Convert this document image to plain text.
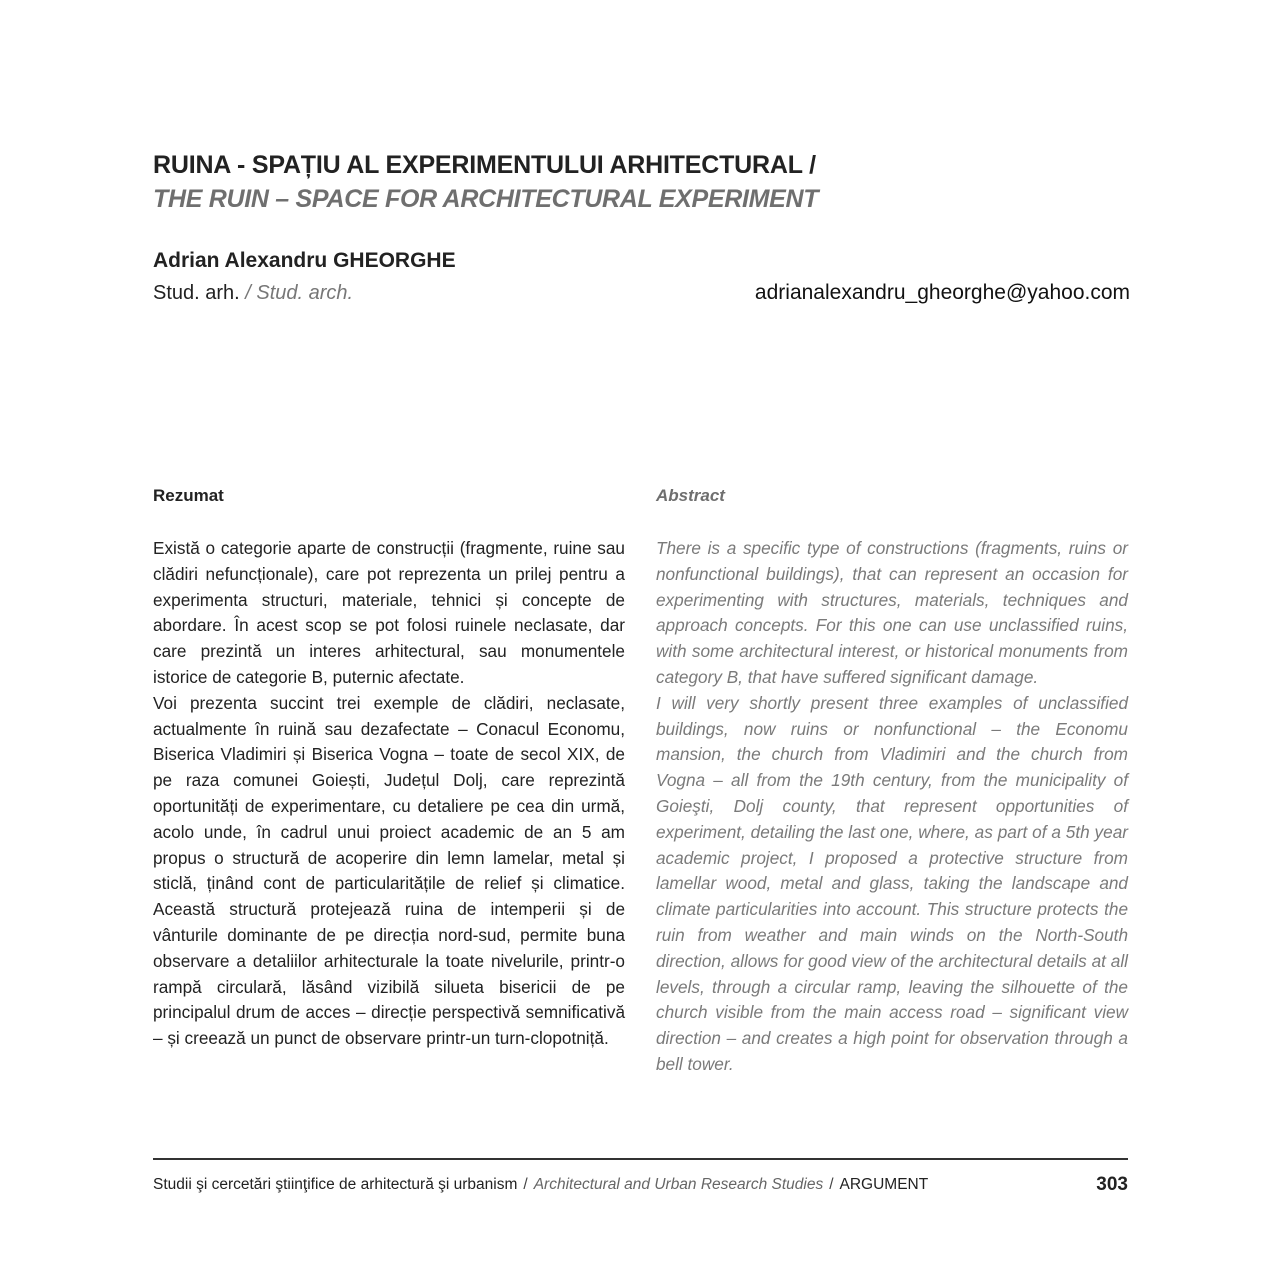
RUINA - SPAȚIU AL EXPERIMENTULUI ARHITECTURAL /
THE RUIN – SPACE FOR ARCHITECTURAL EXPERIMENT
Adrian Alexandru GHEORGHE
Stud. arh. / Stud. arch.	adrianalexandru_gheorghe@yahoo.com
Rezumat	Abstract

Există o categorie aparte de construcții (fragmente, ruine sau clădiri nefuncționale), care pot reprezenta un prilej pentru a experimenta structuri, materiale, tehnici și concepte de abordare. În acest scop se pot folosi ruinele neclasate, dar care prezintă un interes arhitectural, sau monumentele istorice de categorie B, puternic afectate.

Voi prezenta succint trei exemple de clădiri, neclasate, actualmente în ruină sau dezafectate – Conacul Economu, Biserica Vladimiri și Biserica Vogna – toate de secol XIX, de pe raza comunei Goiești, Județul Dolj, care reprezintă oportunități de experimentare, cu detaliere pe cea din urmă, acolo unde, în cadrul unui proiect academic de an 5 am propus o structură de acoperire din lemn lamelar, metal și sticlă, ținând cont de particularitățile de relief și climatice. Această structură protejează ruina de intemperii și de vânturile dominante de pe direcția nord-sud, permite buna observare a detaliilor arhitecturale la toate nivelurile, printr-o rampă circulară, lăsând vizibilă silueta bisericii de pe principalul drum de acces – direcție perspectivă semnificativă – și creează un punct de observare printr-un turn-clopotniță.

There is a specific type of constructions (fragments, ruins or nonfunctional buildings), that can represent an occasion for experimenting with structures, materials, techniques and approach concepts. For this one can use unclassified ruins, with some architectural interest, or historical monuments from category B, that have suffered significant damage.

I will very shortly present three examples of unclassified buildings, now ruins or nonfunctional – the Economu mansion, the church from Vladimiri and the church from Vogna – all from the 19th century, from the municipality of Goieşti, Dolj county, that represent opportunities of experiment, detailing the last one, where, as part of a 5th year academic project, I proposed a protective structure from lamellar wood, metal and glass, taking the landscape and climate particularities into account. This structure protects the ruin from weather and main winds on the North-South direction, allows for good view of the architectural details at all levels, through a circular ramp, leaving the silhouette of the church visible from the main access road – significant view direction – and creates a high point for observation through a bell tower.

Studii şi cercetări ştiinţifice de arhitectură şi urbanism / Architectural and Urban Research Studies / ARGUMENT	303
